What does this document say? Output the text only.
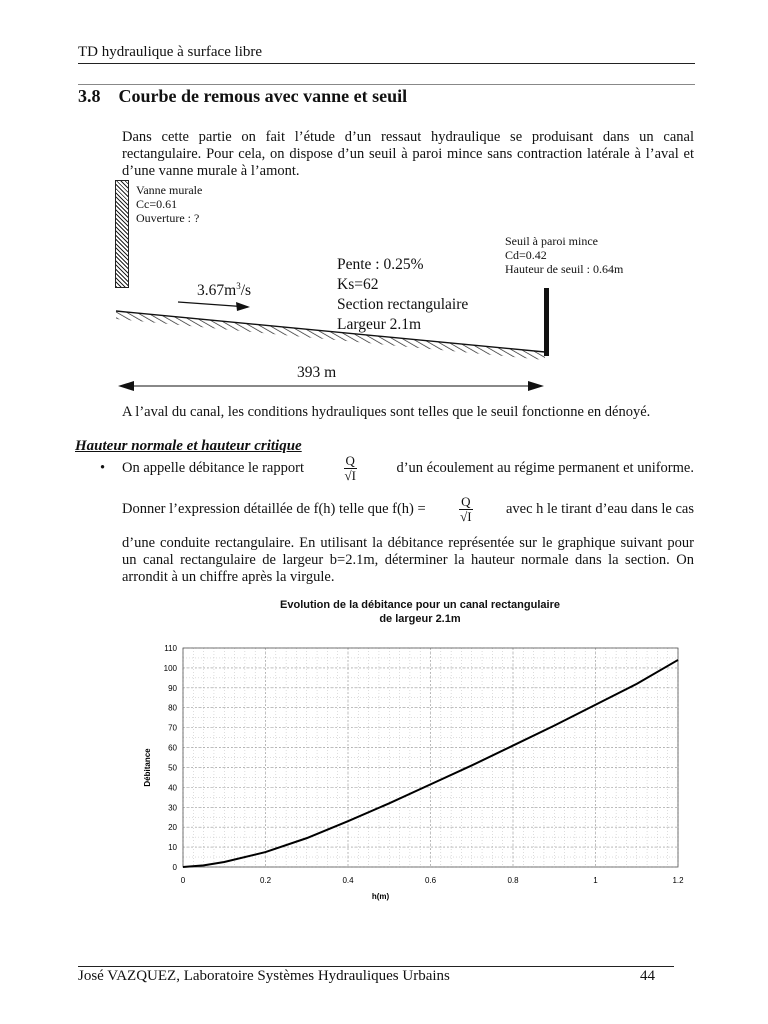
TD hydraulique à surface libre
3.8 Courbe de remous avec vanne et seuil
Dans cette partie on fait l’étude d’un ressaut hydraulique se produisant dans un canal rectangulaire. Pour cela, on dispose d’un seuil à paroi mince sans contraction latérale à l’aval et d’une vanne murale à l’amont.
Vanne murale
Cc=0.61
Ouverture : ?
Seuil à paroi mince
Cd=0.42
Hauteur de seuil : 0.64m
Pente : 0.25%
Ks=62
Section rectangulaire
Largeur 2.1m
$3.67m^3/s$
393 m
A l’aval du canal, les conditions hydrauliques sont telles que le seuil fonctionne en dénoyé.
Hauteur normale et hauteur critique
• On appelle débitance le rapport	$\frac{Q}{√I}$	d’un écoulement au régime permanent et uniforme.
Donner l’expression détaillée de f(h) telle que f(h) =	$\frac{Q}{√I}$ avec h le tirant d’eau dans le cas
d’une conduite rectangulaire. En utilisant la débitance représentée sur le graphique suivant pour un canal rectangulaire de largeur b=2.1m, déterminer la hauteur normale dans la section. On arrondit à un chiffre après la virgule.
Evolution de la débitance pour un canal rectangulaire
de largeur 2.1m
0
10
20
30
40
50
60
70
80
90
100
110
0	0.2	0.4	0.6	0.8	1	1.2
h(m)
Débitance
José VAZQUEZ, Laboratoire Systèmes Hydrauliques Urbains	44
